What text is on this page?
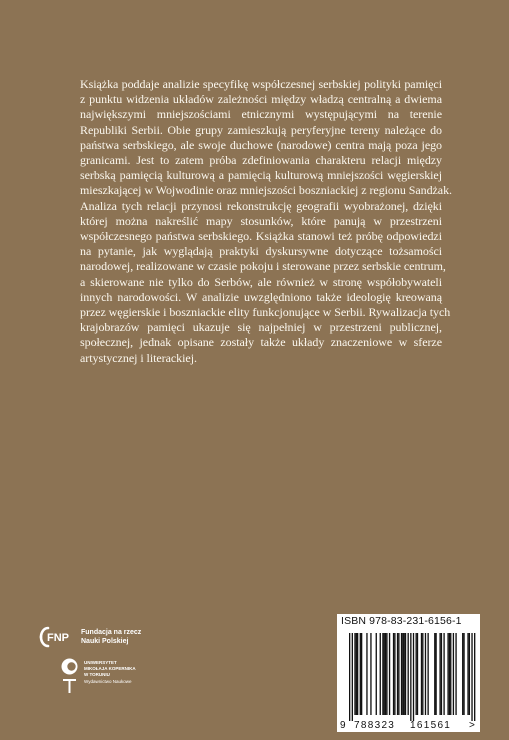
Książka poddaje analizie specyfikę współczesnej serbskiej polityki pamięci
z punktu widzenia układów zależności między władzą centralną a dwiema
największymi mniejszościami etnicznymi występującymi na terenie
Republiki Serbii. Obie grupy zamieszkują peryferyjne tereny należące do
państwa serbskiego, ale swoje duchowe (narodowe) centra mają poza jego
granicami. Jest to zatem próba zdefiniowania charakteru relacji między
serbską pamięcią kulturową a pamięcią kulturową mniejszości węgierskiej
mieszkającej w Wojwodinie oraz mniejszości boszniackiej z regionu Sandżak.
Analiza tych relacji przynosi rekonstrukcję geografii wyobrażonej, dzięki
której można nakreślić mapy stosunków, które panują w przestrzeni
współczesnego państwa serbskiego. Książka stanowi też próbę odpowiedzi
na pytanie, jak wyglądają praktyki dyskursywne dotyczące tożsamości
narodowej, realizowane w czasie pokoju i sterowane przez serbskie centrum,
a skierowane nie tylko do Serbów, ale również w stronę współobywateli
innych narodowości. W analizie uwzględniono także ideologię kreowaną
przez węgierskie i boszniackie elity funkcjonujące w Serbii. Rywalizacja tych
krajobrazów pamięci ukazuje się najpełniej w przestrzeni publicznej,
społecznej, jednak opisane zostały także układy znaczeniowe w sferze
artystycznej i literackiej.
FNP Fundacja na rzecz
Nauki Polskiej
UNIWERSYTET
MIKOŁAJA KOPERNIKA
W TORUNIU
Wydawnictwo Naukowe
ISBN 978-83-231-6156-1
9 788323 161561 >
